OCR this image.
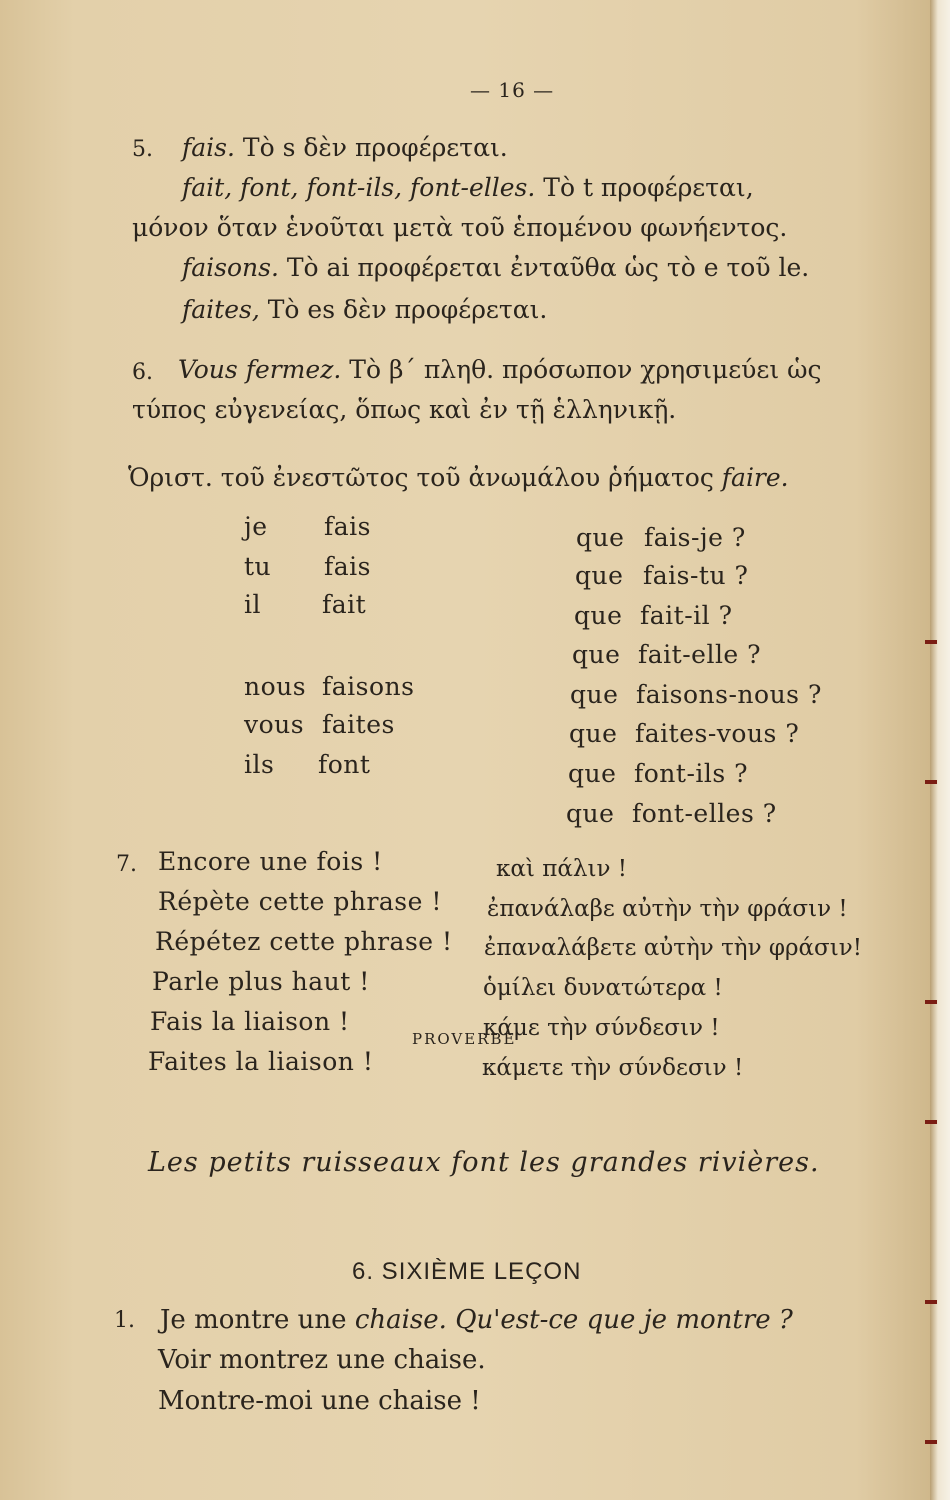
— 16 —
5. fais. Τὸ s δὲν προφέρεται.
fait, font, font-ils, font-elles. Τὸ t προφέρεται,
μόνον ὅταν ἑνοῦται μετὰ τοῦ ἑπομένου φωνήεντος.
faisons. Τὸ ai προφέρεται ἐνταῦθα ὡς τὸ e τοῦ le.
faites, Τὸ es δὲν προφέρεται.
6. Vous fermez. Τὸ β΄ πληθ. πρόσωπον χρησιμεύει ὡς
τύπος εὐγενείας, ὅπως καὶ ἐν τῇ ἑλληνικῇ.
Ὁριστ. τοῦ ἐνεστῶτος τοῦ ἀνωμάλου ῥήματος faire.
je fais
tu fais
il fait
nous faisons
vous faites
ils font
que fais-je ?
que fais-tu ?
que fait-il ?
que fait-elle ?
que faisons-nous ?
que faites-vous ?
que font-ils ?
que font-elles ?
7. Encore une fois !
Répète cette phrase !
Répétez cette phrase !
Parle plus haut !
Fais la liaison !
Faites la liaison !
καὶ πάλιν !
ἐπανάλαβε αὐτὴν τὴν φράσιν !
ἐπαναλάβετε αὐτὴν τὴν φράσιν!
ὁμίλει δυνατώτερα !
κάμε τὴν σύνδεσιν !
κάμετε τὴν σύνδεσιν !
PROVERBE
Les petits ruisseaux font les grandes rivières.
6. SIXIÈME LEÇON
1. Je montre une chaise. Qu'est-ce que je montre ?
Voir montrez une chaise.
Montre-moi une chaise !
